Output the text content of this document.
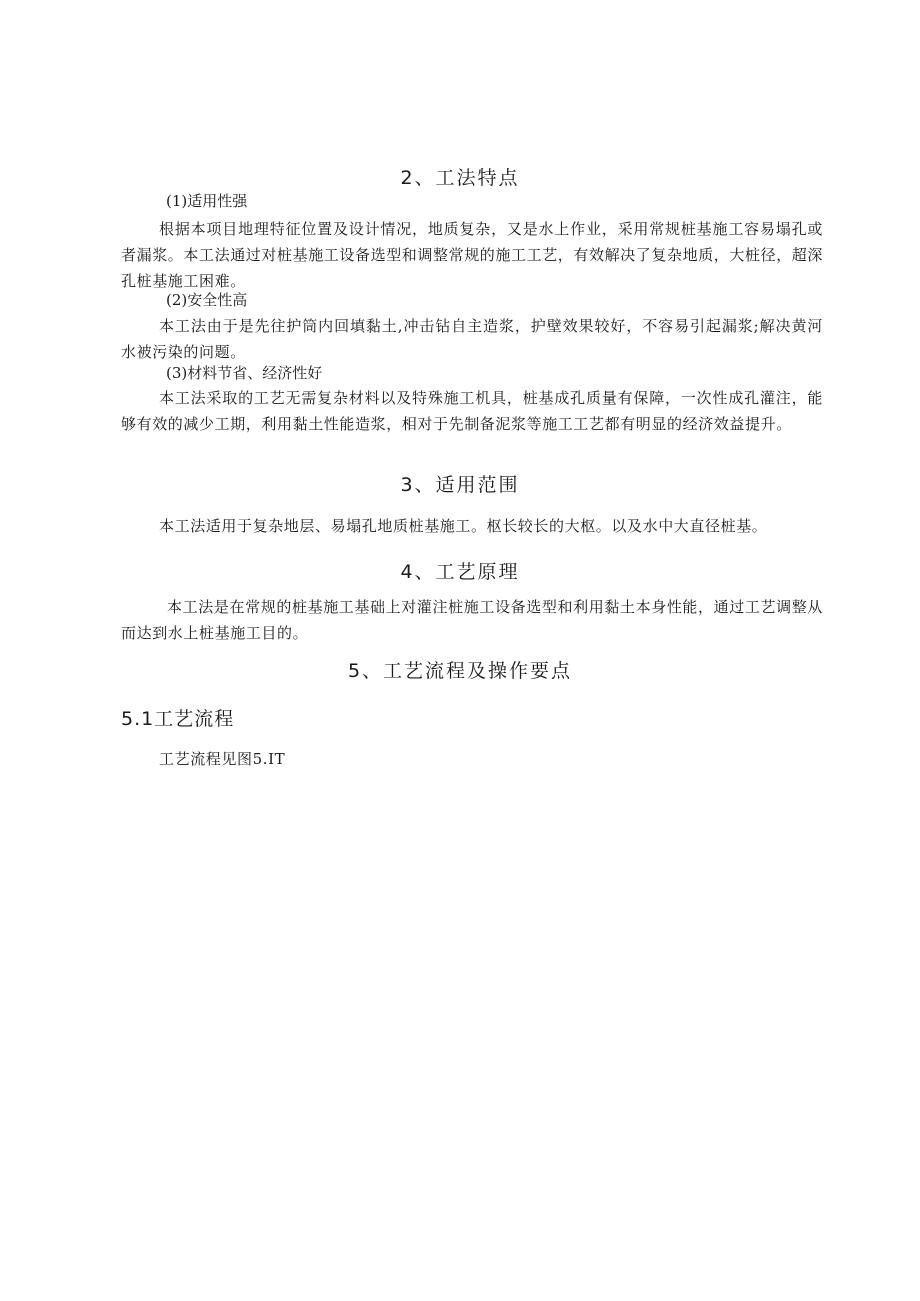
2、工法特点
(1)适用性强

根据本项目地理特征位置及设计情况，地质复杂，又是水上作业，采用常规桩基施工容易塌孔或者漏浆。本工法通过对桩基施工设备选型和调整常规的施工工艺，有效解决了复杂地质，大桩径，超深孔桩基施工困难。

(2)安全性高

本工法由于是先往护筒内回填黏土,冲击钻自主造浆，护壁效果较好，不容易引起漏浆;解决黄河水被污染的问题。

(3)材料节省、经济性好

本工法采取的工艺无需复杂材料以及特殊施工机具，桩基成孔质量有保障，一次性成孔灌注，能够有效的减少工期，利用黏土性能造浆，相对于先制备泥浆等施工工艺都有明显的经济效益提升。

3、适用范围

本工法适用于复杂地层、易塌孔地质桩基施工。枢长较长的大枢。以及水中大直径桩基。

4、工艺原理

本工法是在常规的桩基施工基础上对灌注桩施工设备选型和利用黏土本身性能，通过工艺调整从而达到水上桩基施工目的。

5、工艺流程及操作要点
5.1工艺流程

工艺流程见图5.IT
